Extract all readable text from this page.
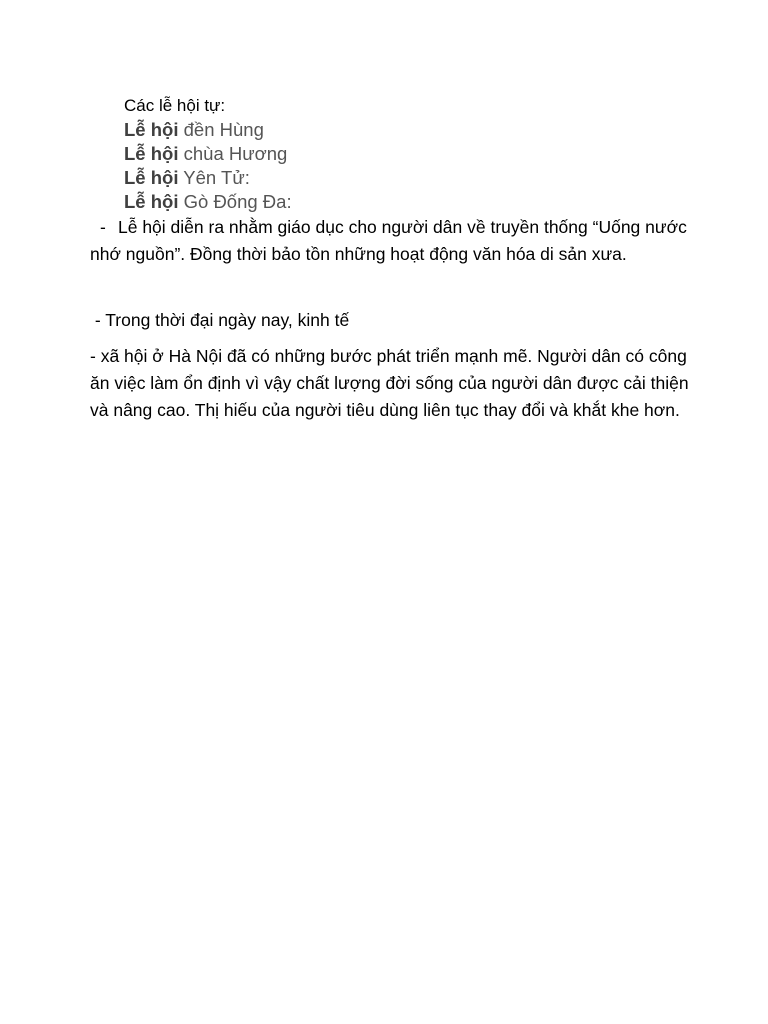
Các lễ hội tự:
Lễ hội đền Hùng
Lễ hội chùa Hương
Lễ hội Yên Tử:
Lễ hội Gò Đống Đa:

- Lễ hội diễn ra nhằm giáo dục cho người dân về truyền thống “Uống nước nhớ nguồn”. Đồng thời bảo tồn những hoạt động văn hóa di sản xưa.

- Trong thời đại ngày nay, kinh tế

- xã hội ở Hà Nội đã có những bước phát triển mạnh mẽ. Người dân có công ăn việc làm ổn định vì vậy chất lượng đời sống của người dân được cải thiện và nâng cao. Thị hiếu của người tiêu dùng liên tục thay đổi và khắt khe hơn.
